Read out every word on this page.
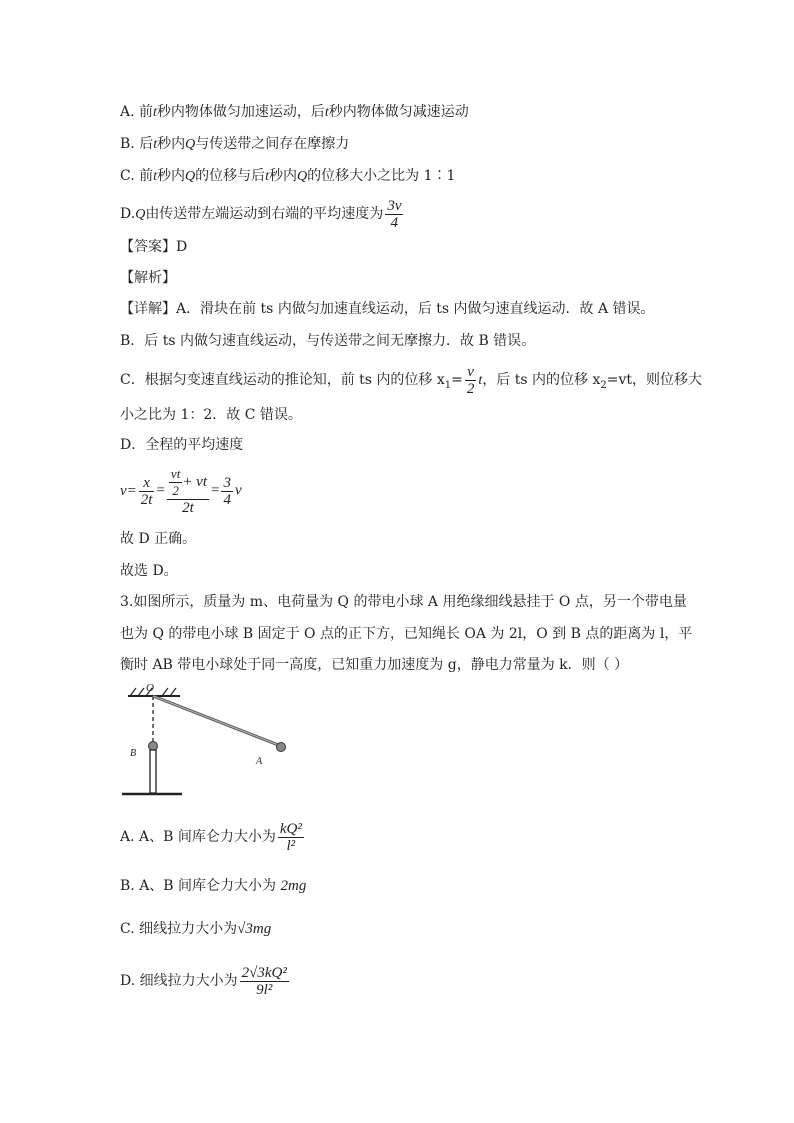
A. 前t秒内物体做匀加速运动，后t秒内物体做匀减速运动
B. 后t秒内Q与传送带之间存在摩擦力
C. 前t秒内Q的位移与后t秒内Q的位移大小之比为 1∶1
D.Q由传送带左端运动到右端的平均速度为 $\frac{3v}{4}$
【答案】D
【解析】
【详解】A．滑块在前 ts 内做匀加速直线运动，后 ts 内做匀速直线运动．故 A 错误。
B．后 ts 内做匀速直线运动，与传送带之间无摩擦力．故 B 错误。
C．根据匀变速直线运动的推论知，前 ts 内的位移 $x_1= \frac{v}{2}$ t，后 ts 内的位移 $x_2=vt$，则位移大
小之比为 1：2．故 C 错误。
D．全程的平均速度
$v= \frac{x}{2t} = \frac{\frac{vt}{2} + vt}{2t} = \frac{3}{4}$ v
故 D 正确。
故选 D。
3.如图所示，质量为 m、电荷量为 Q 的带电小球 A 用绝缘细线悬挂于 O 点，另一个带电量
也为 Q 的带电小球 B 固定于 O 点的正下方，已知绳长 OA 为 2l，O 到 B 点的距离为 l，平
衡时 AB 带电小球处于同一高度，已知重力加速度为 g，静电力常量为 k．则（ ）
O
A
B
A. A、B 间库仑力大小为 $\frac{\text{kQ²}}{\text{l²}}$
B. A、B 间库仑力大小为 2mg
C. 细线拉力大小为√3mg
D. 细线拉力大小为 $\frac{\text{2√3kQ²}}{\text{9l²}}$
